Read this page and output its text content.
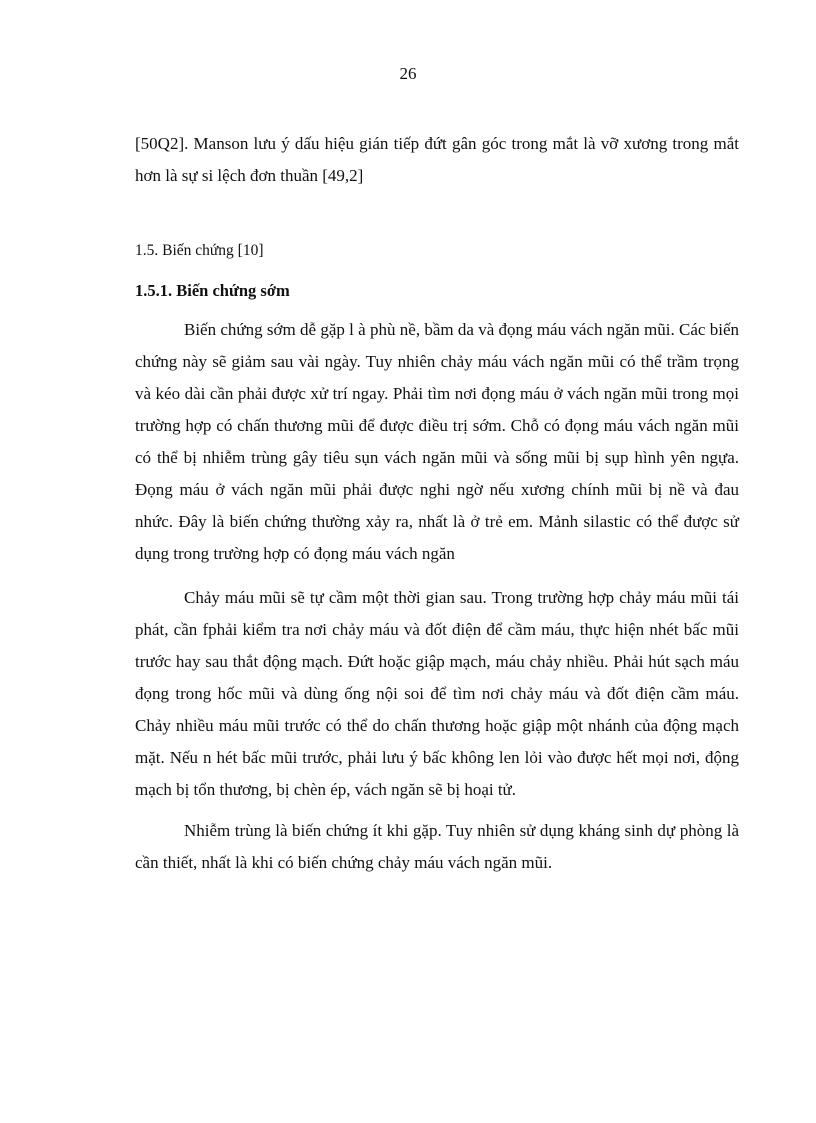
26

[50Q2]. Manson lưu ý dấu hiệu gián tiếp đứt gân góc trong mắt là vỡ xương trong mắt hơn là sự si lệch đơn thuần [49,2]

1.5. Biến chứng [10]
1.5.1. Biến chứng sớm

Biến chứng sớm dễ gặp l à phù nề, bầm da và đọng máu vách ngăn mũi. Các biến chứng này sẽ giảm sau vài ngày. Tuy nhiên chảy máu vách ngăn mũi có thể trầm trọng và kéo dài cần phải được xử trí ngay. Phải tìm nơi đọng máu ở vách ngăn mũi trong mọi trường hợp có chấn thương mũi để được điều trị sớm. Chỗ có đọng máu vách ngăn mũi có thể bị nhiễm trùng gây tiêu sụn vách ngăn mũi và sống mũi bị sụp hình yên ngựa. Đọng máu ở vách ngăn mũi phải được nghi ngờ nếu xương chính mũi bị nề và đau nhức. Đây là biến chứng thường xảy ra, nhất là ở trẻ em. Mảnh silastic có thể được sử dụng trong trường hợp có đọng máu vách ngăn

Chảy máu mũi sẽ tự cầm một thời gian sau. Trong trường hợp chảy máu mũi tái phát, cần fphải kiểm tra nơi chảy máu và đốt điện để cầm máu, thực hiện nhét bấc mũi trước hay sau thắt động mạch. Đứt hoặc giập mạch, máu chảy nhiều. Phải hút sạch máu đọng trong hốc mũi và dùng ống nội soi để tìm nơi chảy máu và đốt điện cầm máu. Chảy nhiều máu mũi trước có thể do chấn thương hoặc giập một nhánh của động mạch mặt. Nếu n hét bấc mũi trước, phải lưu ý bấc không len lỏi vào được hết mọi nơi, động mạch bị tổn thương, bị chèn ép, vách ngăn sẽ bị hoại tử.

Nhiễm trùng là biến chứng ít khi gặp. Tuy nhiên sử dụng kháng sinh dự phòng là cần thiết, nhất là khi có biến chứng chảy máu vách ngăn mũi.
